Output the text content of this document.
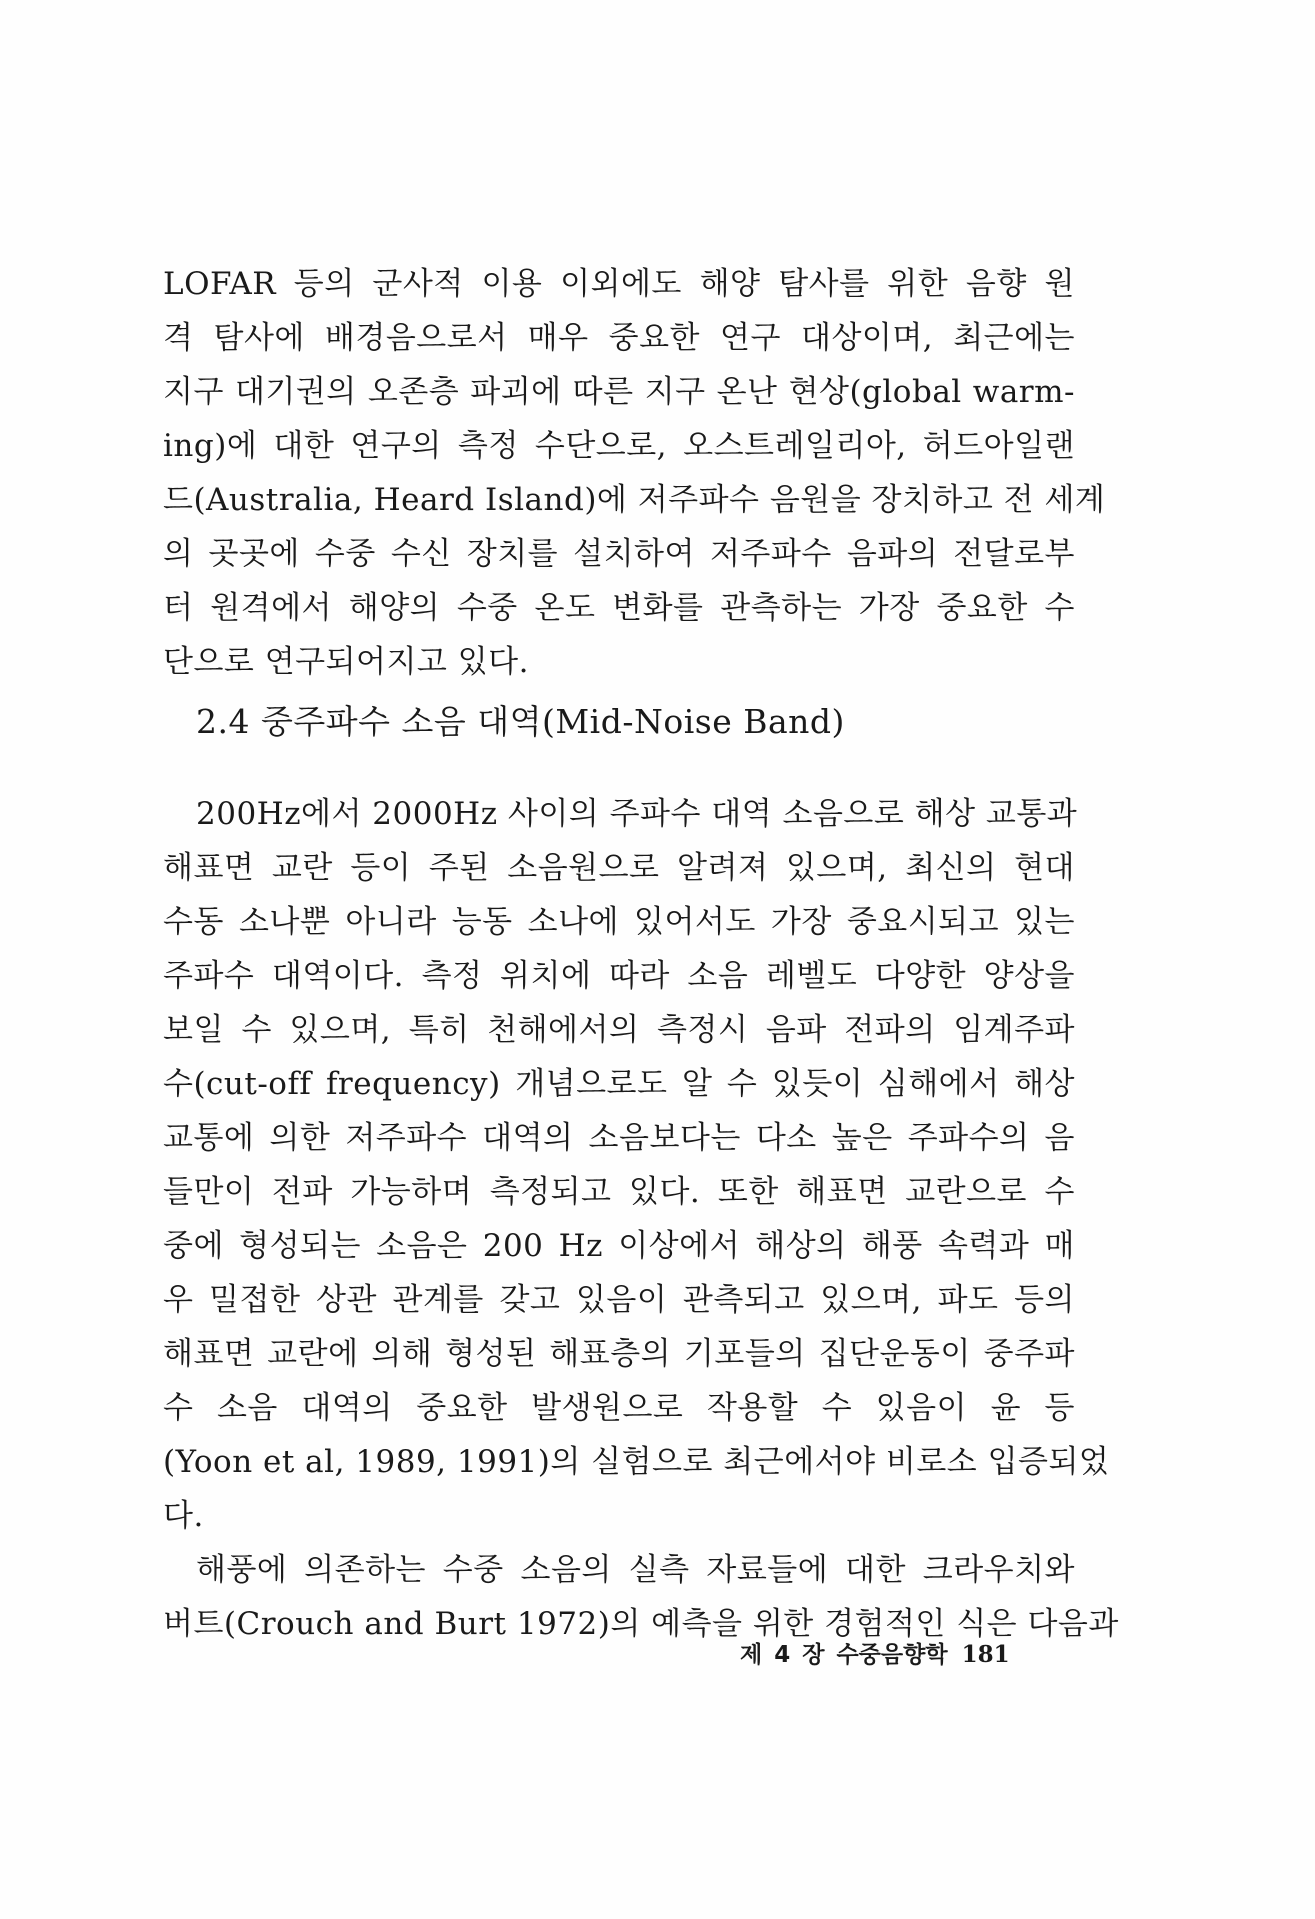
LOFAR 등의 군사적 이용 이외에도 해양 탐사를 위한 음향 원
격 탐사에 배경음으로서 매우 중요한 연구 대상이며, 최근에는
지구 대기권의 오존층 파괴에 따른 지구 온난 현상(global warm-
ing)에 대한 연구의 측정 수단으로, 오스트레일리아, 허드아일랜
드(Australia, Heard Island)에 저주파수 음원을 장치하고 전 세계
의 곳곳에 수중 수신 장치를 설치하여 저주파수 음파의 전달로부
터 원격에서 해양의 수중 온도 변화를 관측하는 가장 중요한 수
단으로 연구되어지고 있다.
2.4 중주파수 소음 대역(Mid-Noise Band)
200Hz에서 2000Hz 사이의 주파수 대역 소음으로 해상 교통과
해표면 교란 등이 주된 소음원으로 알려져 있으며, 최신의 현대
수동 소나뿐 아니라 능동 소나에 있어서도 가장 중요시되고 있는
주파수 대역이다. 측정 위치에 따라 소음 레벨도 다양한 양상을
보일 수 있으며, 특히 천해에서의 측정시 음파 전파의 임계주파
수(cut-off frequency) 개념으로도 알 수 있듯이 심해에서 해상
교통에 의한 저주파수 대역의 소음보다는 다소 높은 주파수의 음
들만이 전파 가능하며 측정되고 있다. 또한 해표면 교란으로 수
중에 형성되는 소음은 200 Hz 이상에서 해상의 해풍 속력과 매
우 밀접한 상관 관계를 갖고 있음이 관측되고 있으며, 파도 등의
해표면 교란에 의해 형성된 해표층의 기포들의 집단운동이 중주파
수 소음 대역의 중요한 발생원으로 작용할 수 있음이 윤 등
(Yoon et al, 1989, 1991)의 실험으로 최근에서야 비로소 입증되었
다.
해풍에 의존하는 수중 소음의 실측 자료들에 대한 크라우치와
버트(Crouch and Burt 1972)의 예측을 위한 경험적인 식은 다음과
제 4 장 수중음향학 181
